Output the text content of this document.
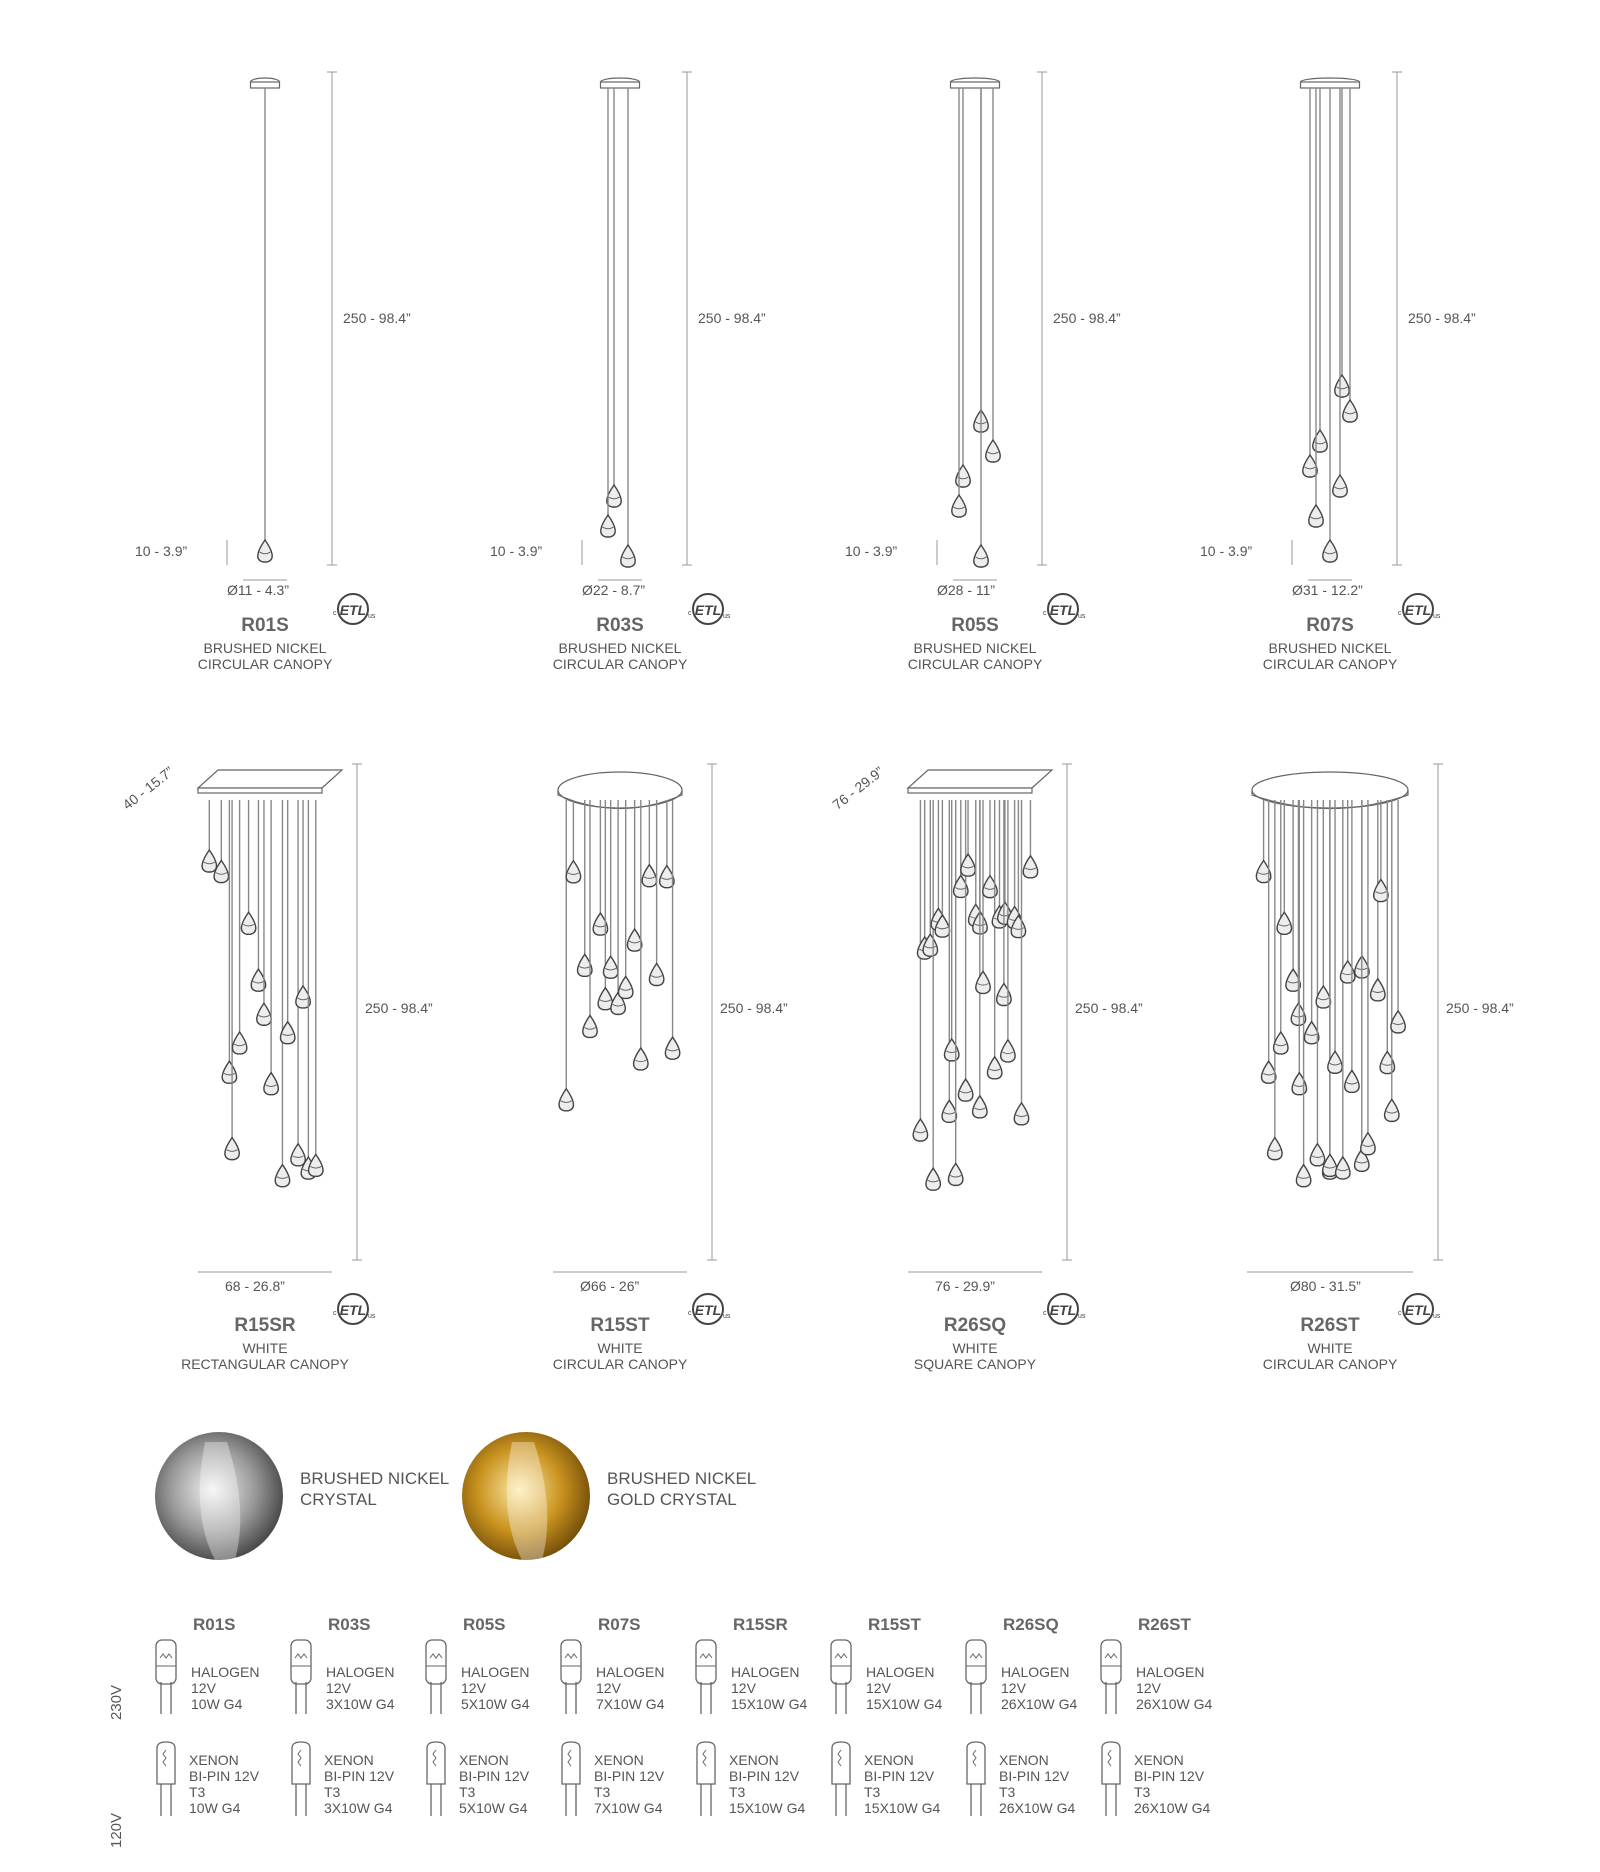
250 - 98.4”
10 - 3.9”
Ø11 - 4.3”
ETL
c	us
R01S
BRUSHED NICKEL
CIRCULAR CANOPY
250 - 98.4”
10 - 3.9”
Ø22 - 8.7”
ETL
c	us
R03S
BRUSHED NICKEL
CIRCULAR CANOPY
250 - 98.4”
10 - 3.9”
Ø28 - 11”
ETL
c	us
R05S
BRUSHED NICKEL
CIRCULAR CANOPY
250 - 98.4”
10 - 3.9”
Ø31 - 12.2”
ETL
c	us
R07S
BRUSHED NICKEL
CIRCULAR CANOPY
250 - 98.4”
68 - 26.8”
40 - 15.7”
ETL
c	us
R15SR
WHITE
RECTANGULAR CANOPY
250 - 98.4”
Ø66 - 26”
ETL
c	us
R15ST
WHITE
CIRCULAR CANOPY
250 - 98.4”
76 - 29.9”
76 - 29.9”
ETL
c	us
R26SQ
WHITE
SQUARE CANOPY
250 - 98.4”
Ø80 - 31.5”
ETL
c	us
R26ST
WHITE
CIRCULAR CANOPY
BRUSHED NICKEL
CRYSTAL
BRUSHED NICKEL
GOLD CRYSTAL
230V
120V
R01S
HALOGEN
12V
10W G4
XENON
BI-PIN 12V
T3
10W G4
R03S
HALOGEN
12V
3X10W G4
XENON
BI-PIN 12V
T3
3X10W G4
R05S
HALOGEN
12V
5X10W G4
XENON
BI-PIN 12V
T3
5X10W G4
R07S
HALOGEN
12V
7X10W G4
XENON
BI-PIN 12V
T3
7X10W G4
R15SR
HALOGEN
12V
15X10W G4
XENON
BI-PIN 12V
T3
15X10W G4
R15ST
HALOGEN
12V
15X10W G4
XENON
BI-PIN 12V
T3
15X10W G4
R26SQ
HALOGEN
12V
26X10W G4
XENON
BI-PIN 12V
T3
26X10W G4
R26ST
HALOGEN
12V
26X10W G4
XENON
BI-PIN 12V
T3
26X10W G4
